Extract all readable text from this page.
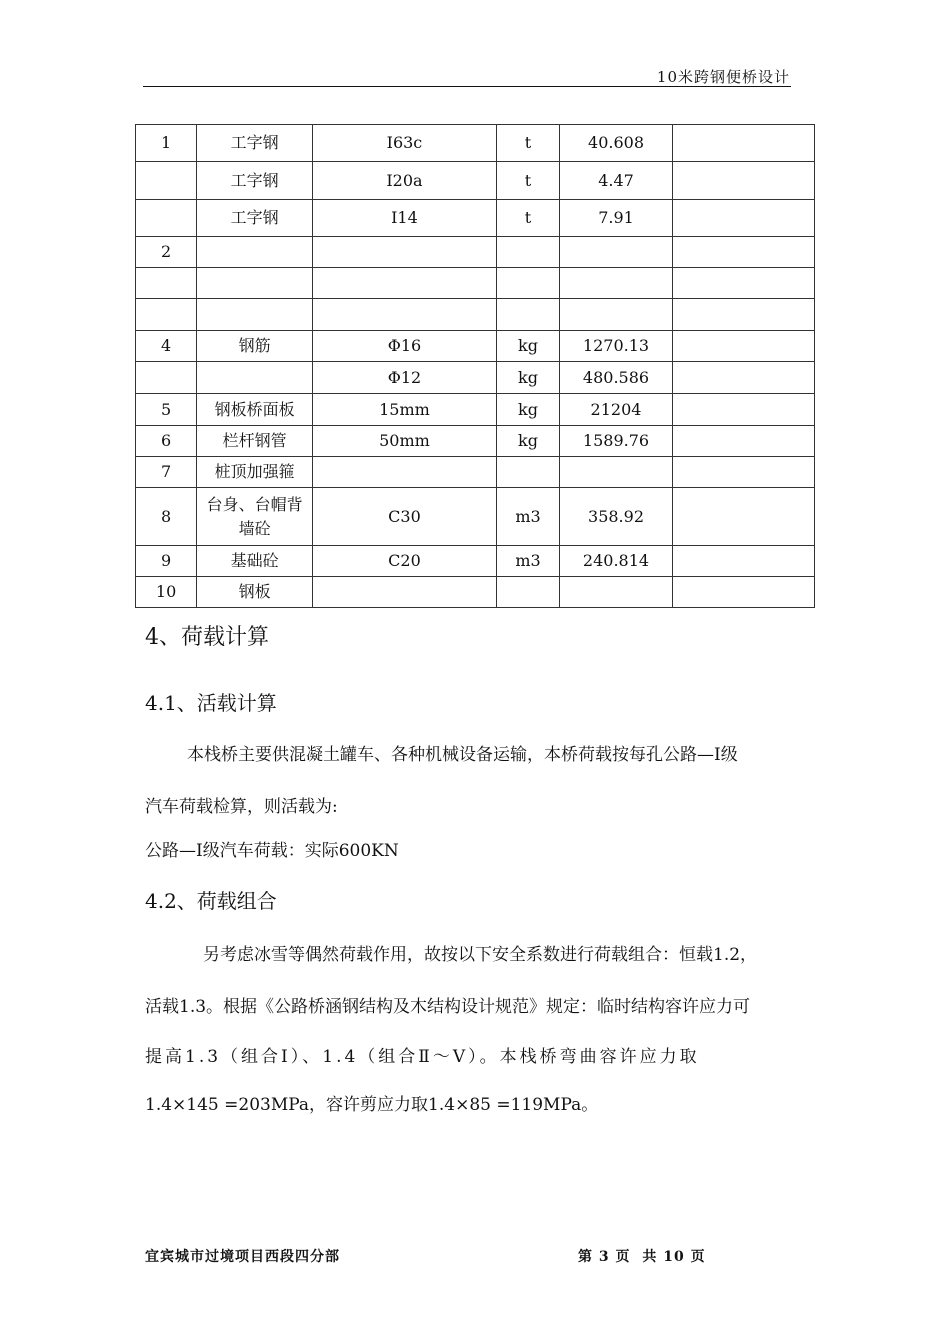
10米跨钢便桥设计
1	工字钢	Ⅰ63c	t	40.608	
	工字钢	Ⅰ20a	t	4.47	
	工字钢	Ⅰ14	t	7.91	
2					

4	钢筋	Φ16	kg	1270.13	
		Φ12	kg	480.586	
5	钢板桥面板	15mm	kg	21204	
6	栏杆钢管	50mm	kg	1589.76	
7	桩顶加强箍				
8	台身、台帽背墙砼	C30	m3	358.92	
9	基础砼	C20	m3	240.814	
10	钢板				
4、荷载计算
4.1、活载计算
本栈桥主要供混凝土罐车、各种机械设备运输，本桥荷载按每孔公路—Ⅰ级
汽车荷载检算，则活载为:
公路—Ⅰ级汽车荷载：实际600KN
4.2、荷载组合
另考虑冰雪等偶然荷载作用，故按以下安全系数进行荷载组合：恒载1.2，
活载1.3。根据《公路桥涵钢结构及木结构设计规范》规定：临时结构容许应力可
提高1.3（组合Ⅰ）、1.4（组合Ⅱ～Ⅴ）。本栈桥弯曲容许应力取
1.4×145 =203MPa，容许剪应力取1.4×85 =119MPa。
宜宾城市过境项目西段四分部	第 3 页 共 10 页
